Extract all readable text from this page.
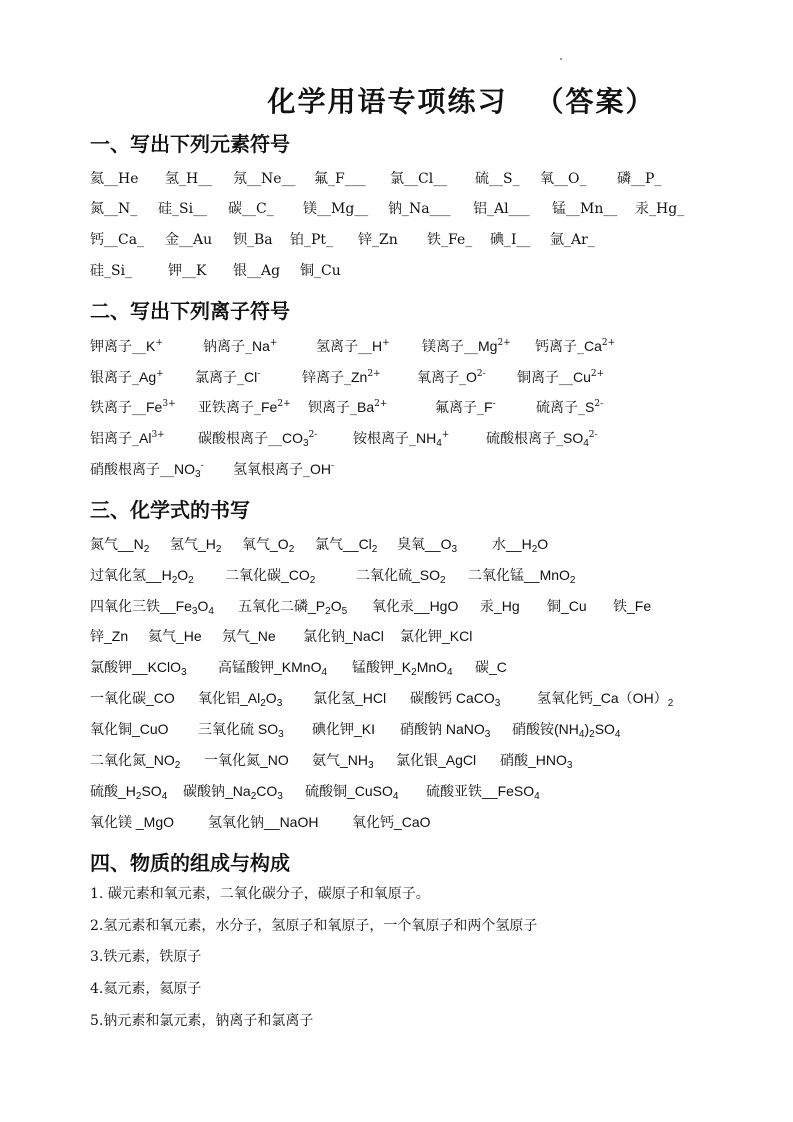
化学用语专项练习 （答案）
一、写出下列元素符号
氦__He 氢_H__ 氖__Ne__ 氟_F___ 氯__Cl__ 硫__S_ 氧__O_ 磷__P_
氮__N_ 硅_Si__ 碳__C_ 镁__Mg__ 钠_Na___ 铝_Al___ 锰__Mn__ 汞_Hg_
钙__Ca_ 金__Au 钡_Ba 铂_Pt_ 锌_Zn 铁_Fe_ 碘_I__ 氩_Ar_
硅_Si_	钾__K 银__Ag 铜_Cu
二、写出下列离子符号
钾离子__K+	钠离子_Na+	氢离子__H+ 镁离子$\_\_Mg^{2+}$ 钙离子$\_Ca^{2+}$
银离子_Ag+ 氯离子_Cl-	锌离子$\_Zn^{2+}$	氧离子$\_O^{2-}$ 铜离子$\_\_Cu^{2+}$
铁离子$\_\_Fe^{3+}$ 亚铁离子$\_Fe^{2+}$ 钡离子$\_Ba^{2+}$	氟离子_F-	硫离子$\_S^{2-}$
铝离子$\_Al^{3+}$ 碳酸根离子$\_\_CO_3^{2-}$	铵根离子$\_NH_4^+$	硫酸根离子$\_SO_4^{2-}$
硝酸根离子$\_\_NO_3^-$ 氢氧根离子_OH-
三、化学式的书写
氮气$\_\_N_2$ 氢气$\_H_2$ 氧气$\_O_2$ 氯气$\_\_Cl_2$ 臭氧$\_\_O_3$ 水$\_\_H_2O$
过氧化氢$\_\_H_2O_2$ 二氧化碳$\_CO_2$	二氧化硫$\_SO_2$ 二氧化锰__MnO$_2$
四氧化三铁$\_\_Fe_3O_4$ 五氧化二磷$\_P_2O_5$ 氧化汞__HgO 汞_Hg 铜_Cu 铁_Fe
锌_Zn 氦气_He 氖气_Ne 氯化钠_NaCl 氯化钾_KCl
氯酸钾__KClO$_3$ 高锰酸钾_KMnO$_4$ 锰酸钾$\_K_2MnO_4$ 碳_C
一氧化碳_CO 氧化铝$\_Al_2O_3$ 氯化氢_HCl 碳酸钙 CaCO$_3$	氢氧化钙$\_Ca(OH)_2$
氧化铜_CuO 三氧化硫 $SO_3$ 碘化钾_KI 硝酸钠 NaNO$_3$ 硝酸铵$(NH_4)_2SO_4$
二氧化氮$\_NO_2$ 一氧化氮_NO 氨气$\_NH_3$ 氯化银_AgCl 硝酸$\_HNO_3$
硫酸$\_H_2SO_4$ 碳酸钠$\_Na_2CO_3$ 硫酸铜_CuSO$_4$ 硫酸亚铁__FeSO$_4$
氧化镁 _MgO 氢氧化钠__NaOH 氧化钙_CaO
四、物质的组成与构成
1. 碳元素和氧元素，二氧化碳分子，碳原子和氧原子。
2.氢元素和氧元素，水分子，氢原子和氧原子，一个氧原子和两个氢原子
3.铁元素，铁原子
4.氦元素，氦原子
5.钠元素和氯元素，钠离子和氯离子
